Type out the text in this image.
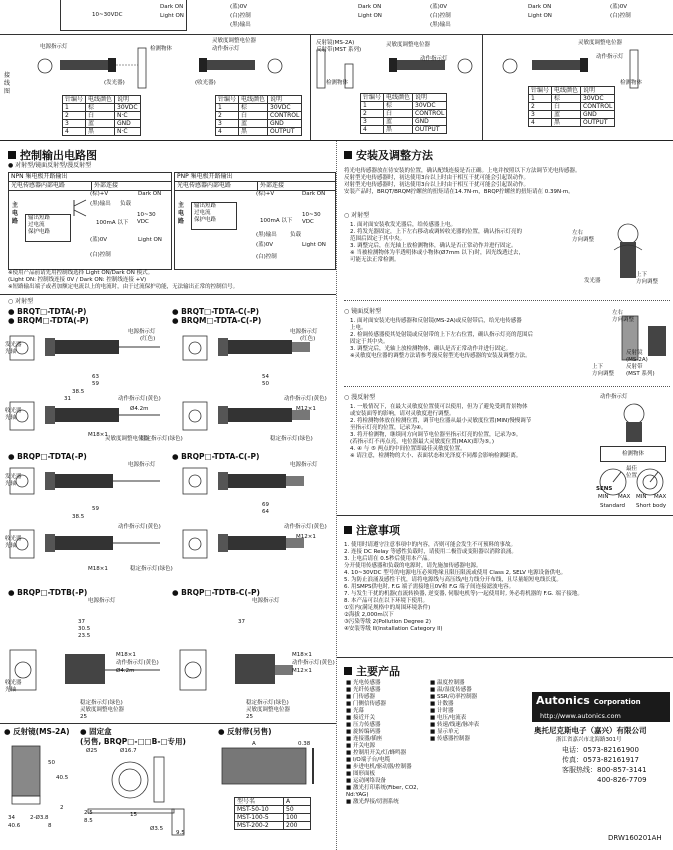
10~30VDC
Dark ON
Light ON
(蓝)0V
(白)控制
(黑)输出
Dark ON
Light ON
(蓝)0V
(白)控制
(黑)输出
Dark ON
Light ON
(蓝)0V
(白)控制
接
线
图
电源指示灯
(发光器)
检测物体
灵敏度调整电位器
动作指示灯
(收光器)
反射镜(MS-2A)
反射带(MST 系列)
检测物体
灵敏度调整电位器
动作指示灯
灵敏度调整电位器
动作指示灯
检测物体
针编号	电线颜色	说明
1	棕	30VDC
2	白	N·C
3	蓝	GND
4	黑	N·C
针编号	电线颜色	说明
1	棕	30VDC
2	白	CONTROL
3	蓝	GND
4	黑	OUTPUT
针编号	电线颜色	说明
1	棕	30VDC
2	白	CONTROL
3	蓝	GND
4	黑	OUTPUT
针编号	电线颜色	说明
1	棕	30VDC
2	白	CONTROL
3	蓝	GND
4	黑	OUTPUT
控制输出电路图
● 对射型/镜面反射型/漫反射型
NPN 集电极开路输出
光电传感器内部电路	外部连接
主
电
路	输出短路
过电流
保护电路
(棕)+V
(黑)输出 负载
100mA 以下
10~30 VDC
(蓝)0V
(白)控制
Dark ON
Light ON
PNP 集电极开路输出
光电传感器内部电路	外部连接
主
电
路
输出短路
过电流
保护电路
(棕)+V
100mA 以下
10~30 VDC
(黑)输出 负载
(蓝)0V
(白)控制
Dark ON
Light ON
※使用产品前请先用控制线选择 Light ON/Dark ON 模式。
(Light ON: 控制线连接 0V / Dark ON: 控制线连接 +V)
※短路输出端子或者加额定电流以上的电流时，由于过流保护功能，无法输出正常的控制信号。
○ 对射型
● BRQT□-TDTA(-P)
● BRQM□-TDTA(-P)
● BRQT□-TDTA-C(-P)
● BRQM□-TDTA-C(-P)
发光器
光轴
电源指示灯
(红色)
电源指示灯
(红色)
63
59
38.5
31
54
50
收光器
光轴
动作指示灯(黄色)
Ø4.2m
M18×1
灵敏度调整电位器
稳定指示灯(绿色)
动作指示灯(黄色)
M12×1
稳定指示灯(绿色)
● BRQP□-TDTA(-P)	● BRQP□-TDTA-C(-P)
发光器
光轴
电源指示灯	电源指示灯
59
38.5
69
64
收光器
光轴
动作指示灯(黄色)
M18×1	稳定指示灯(绿色)
动作指示灯(黄色)
M12×1
● BRQP□-TDTB(-P)	● BRQP□-TDTB-C(-P)
电源指示灯	电源指示灯
37
30.5
23.5
37
收光器
光轴
M18×1
动作指示灯(黄色)
Ø4.2m
稳定指示灯(绿色)
灵敏度调整电位器
25
M18×1
动作指示灯(黄色)
M12×1
稳定指示灯(绿色)
灵敏度调整电位器
25
● 反射镜(MS-2A) ● 固定盒
(另售, BRQP□-□□B-□专用)
● 反射带(另售)
50
40.5
34	2-Ø3.8
40.6	8
2
Ø25	Ø16.7
2.5
8.5
15
Ø3.5
9.5
A	0.38
型号名	A
MST-50-10	50
MST-100-5	100
MST-200-2	200
安装及调整方法
将光电传感器放在待安装的位置，确认配线连接是否正确。上电并按照以下方法调节光电传感器。
反射型光电传感器时，初达使用3台以上时由于相互干扰可能会引起误动作。
对射型光电传感器时，初达使用3台以上时由于相互干扰可能会引起误动作。
安装产品时，BRQT/BRQM拧螺丝的扭矩请在14.7N·m，BRQP拧螺丝的扭矩请在 0.39N·m。
○ 对射型
1. 面对面安装收发光器后，给传感器上电。
2. 将发光器固定，上下左右移动或调转收光器的位置，确认指示灯亮的
范围后固定于其中央。
3. 调整完后，在光轴上放检测物体，确认是否正常动作并进行固定。
※ 当被检测物体为半透明体或小物体(Ø7mm 以下)时，因光线透过去，
可能无法正常检测。
左右
方向调整
发光器
上下
方向调整
○ 镜面反射型
1. 面对面安装光电传感器和反射镜(MS-2A)或反射带后，给光电传感器
上电。
2. 检调传感器使其处射镜或反射带的上下左右位置，确认指示灯亮的范围后
固定于其中央。
3. 调整完后，光轴上放检测物体，确认是否正常动作并进行固定。
※灵敏度电位器的调整方法请参考漫反射型光电传感器的安装及调整方法。
左右
方向调整
反射镜
(MS-2A)
反射带
(MST 系列)
上下
方向调整
○ 漫反射型
1. 一般情况下，在最大灵敏度位置使可以使用，但为了避免受到背景物体
或安装面等的影响，请对灵敏度进行调整。
2. 将检测物体放在检测位置，调节电位器从最小灵敏度位置(MIN)慢慢调节
至指示灯亮的位置，记录为④。
3. 将开检测物，继续同方向调节电位器至指示灯亮的位置，记录为⑤。
(若指示灯不再点亮，电位器最大灵敏度位置(MAX)即为⑤。)
4. ④ 与 ⑤ 两点的中间位置即最佳灵敏度位置。
※ 请注意，检测物的大小、表面状态和光泽度不同都会影响检测距离。
动作指示灯
检测物体
最佳位置
SENS
MIN MAX MIN MAX
Standard Short body
注意事项
1. 使用时请遵守注意事项中的内容，否则可能会发生不可预料的事故。
2. 连接 DC Relay 等感性负载时，请使用二极管或变阻器以消除浪涌。
3. 上电后请在 0.5秒后使用本产品。
分开使用传感器和负载的电源时，请先施加传感器电源。
4. 10~30VDC 型号的电源电压必须绝缘且限压限流或使用 Class 2, SELV 电源设备供电。
5. 为防止浪涌及感性干扰，请将电源线与高压线/电力线分开布线，且尽量缩短电线长度。
6. 用SMPS供电时, F.G 端子需接地且0V和 F.G 端子间连接滤波电容。
7. 与发生干扰的机器(直流转换器, 逆变器, 伺服电机等)一起使用时, 务必将机器的 F.G. 端子接地。
8. 本产品可以在以下环境下使用。
①室内(满足规格中的周围环境条件)
②海拔 2,000m以下
③污染等级 2(Pollution Degree 2)
④安装等级 II(Installation Category II)
主要产品
■ 光电传感器
■ 光纤传感器
■ 门传感器
■ 门侧信传感器
■ 光幕
■ 接近开关
■ 压力传感器
■ 旋转编码器
■ 连接器/插座
■ 开关电源
■ 控制用开关/灯/蜂鸣器
■ I/O端子台/电缆
■ 步进电机/驱动器/控制器
■ 图形面板
■ 运动网络设备
■ 激光打印系统(Fiber, CO2, Nd:YAG)
■ 激光焊接/切割系统
■ 温度控制器
■ 温/湿度传感器
■ SSR/功率控制器
■ 计数器
■ 计时器
■ 电压/电流表
■ 转速/线速/脉冲表
■ 显示单元
■ 传感器控制器
Autonics Corporation
http://www.autonics.com
奥托尼克斯电子（嘉兴）有限公司
浙江省嘉兴市北海路301号
电话：0573-82161900
传真：0573-82161917
客服热线：800-857-3141
400-826-7709
DRW160201AH
